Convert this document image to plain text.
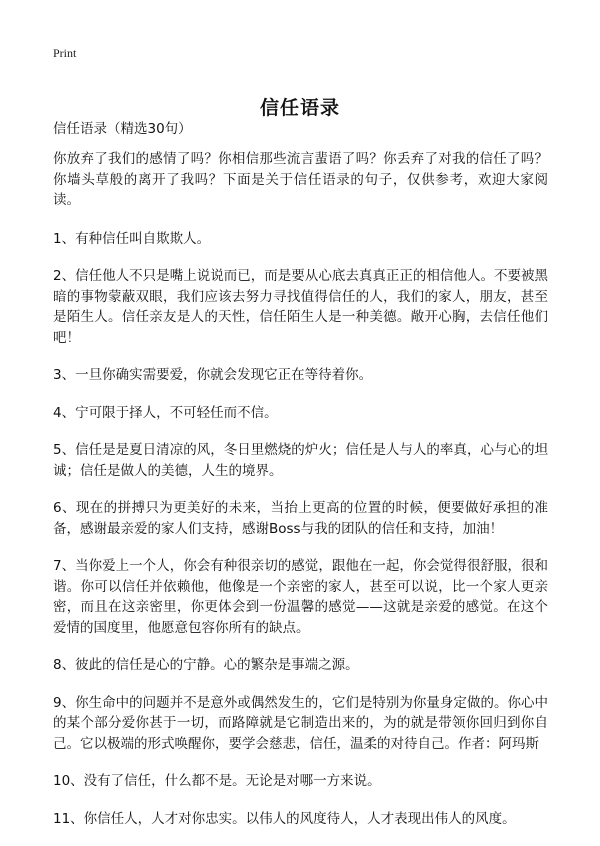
Print
信任语录

信任语录（精选30句）

你放弃了我们的感情了吗？你相信那些流言蜚语了吗？你丢弃了对我的信任了吗？你墙头草般的离开了我吗？下面是关于信任语录的句子，仅供参考，欢迎大家阅读。

1、有种信任叫自欺欺人。

2、信任他人不只是嘴上说说而已，而是要从心底去真真正正的相信他人。不要被黑暗的事物蒙蔽双眼，我们应该去努力寻找值得信任的人，我们的家人，朋友，甚至是陌生人。信任亲友是人的天性，信任陌生人是一种美德。敞开心胸，去信任他们吧！

3、一旦你确实需要爱，你就会发现它正在等待着你。

4、宁可限于择人，不可轻任而不信。

5、信任是是夏日清凉的风，冬日里燃烧的炉火；信任是人与人的率真，心与心的坦诚；信任是做人的美德，人生的境界。

6、现在的拼搏只为更美好的未来，当抬上更高的位置的时候，便要做好承担的准备，感谢最亲爱的家人们支持，感谢Boss与我的团队的信任和支持，加油！

7、当你爱上一个人，你会有种很亲切的感觉，跟他在一起，你会觉得很舒服，很和谐。你可以信任并依赖他，他像是一个亲密的家人，甚至可以说，比一个家人更亲密，而且在这亲密里，你更体会到一份温馨的感觉——这就是亲爱的感觉。在这个爱情的国度里，他愿意包容你所有的缺点。

8、彼此的信任是心的宁静。心的繁杂是事端之源。

9、你生命中的问题并不是意外或偶然发生的，它们是特别为你量身定做的。你心中的某个部分爱你甚于一切，而路障就是它制造出来的，为的就是带领你回归到你自己。它以极端的形式唤醒你，要学会慈悲，信任，温柔的对待自己。作者：阿玛斯

10、没有了信任，什么都不是。无论是对哪一方来说。

11、你信任人，人才对你忠实。以伟人的风度待人，人才表现出伟人的风度。
